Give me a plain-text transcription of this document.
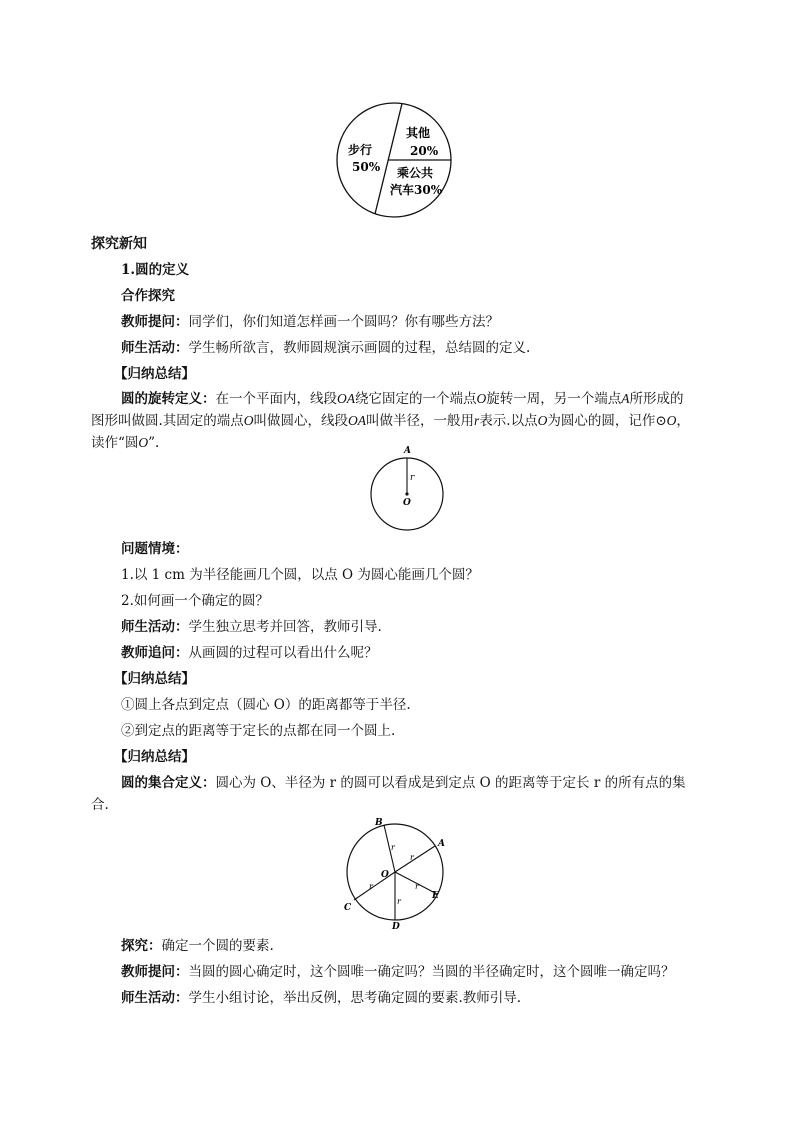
步行
50%
其他
20%
乘公共
汽车30%
探究新知
1.圆的定义
合作探究
教师提问：同学们，你们知道怎样画一个圆吗？你有哪些方法？
师生活动：学生畅所欲言，教师圆规演示画圆的过程，总结圆的定义.
【归纳总结】
圆的旋转定义：在一个平面内，线段OA绕它固定的一个端点O旋转一周，另一个端点A所形成的图形叫做圆.其固定的端点O叫做圆心，线段OA叫做半径，一般用r表示.以点O为圆心的圆，记作⊙O，读作“圆O”.	A
O
r
问题情境：
1.以 1 cm 为半径能画几个圆，以点 O 为圆心能画几个圆？
2.如何画一个确定的圆？
师生活动：学生独立思考并回答，教师引导.
教师追问：从画圆的过程可以看出什么呢？
【归纳总结】
①圆上各点到定点（圆心 O）的距离都等于半径.
②到定点的距离等于定长的点都在同一个圆上.
【归纳总结】
圆的集合定义：圆心为 O、半径为 r 的圆可以看成是到定点 O 的距离等于定长 r 的所有点的集合.
B
A
E
D
C
O
r
r
r
r
r
探究：确定一个圆的要素.
教师提问：当圆的圆心确定时，这个圆唯一确定吗？当圆的半径确定时，这个圆唯一确定吗？
师生活动：学生小组讨论，举出反例，思考确定圆的要素.教师引导.
